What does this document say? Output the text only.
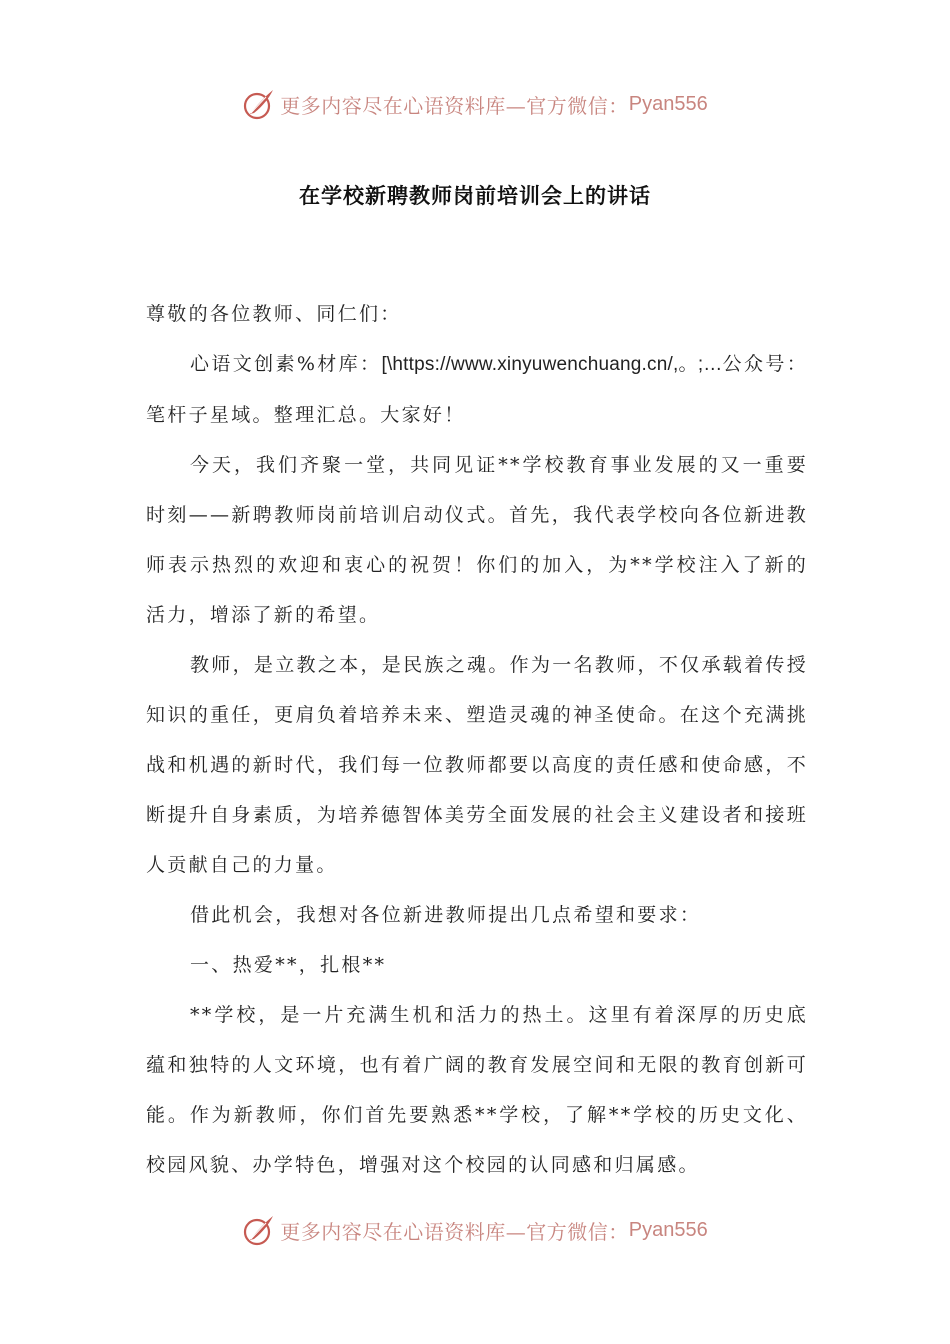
更多内容尽在心语资料库—官方微信： Pyan556
在学校新聘教师岗前培训会上的讲话

尊敬的各位教师、同仁们：

心语文创素%材库：[\https://www.xinyuwenchuang.cn/,。;…公众号：笔杆子星域。整理汇总。大家好！

今天，我们齐聚一堂，共同见证**学校教育事业发展的又一重要时刻——新聘教师岗前培训启动仪式。首先，我代表学校向各位新进教师表示热烈的欢迎和衷心的祝贺！你们的加入，为**学校注入了新的活力，增添了新的希望。

教师，是立教之本，是民族之魂。作为一名教师，不仅承载着传授知识的重任，更肩负着培养未来、塑造灵魂的神圣使命。在这个充满挑战和机遇的新时代，我们每一位教师都要以高度的责任感和使命感，不断提升自身素质，为培养德智体美劳全面发展的社会主义建设者和接班人贡献自己的力量。

借此机会，我想对各位新进教师提出几点希望和要求：

一、热爱**，扎根**

**学校，是一片充满生机和活力的热土。这里有着深厚的历史底蕴和独特的人文环境，也有着广阔的教育发展空间和无限的教育创新可能。作为新教师，你们首先要熟悉**学校，了解**学校的历史文化、校园风貌、办学特色，增强对这个校园的认同感和归属感。

更多内容尽在心语资料库—官方微信： Pyan556
